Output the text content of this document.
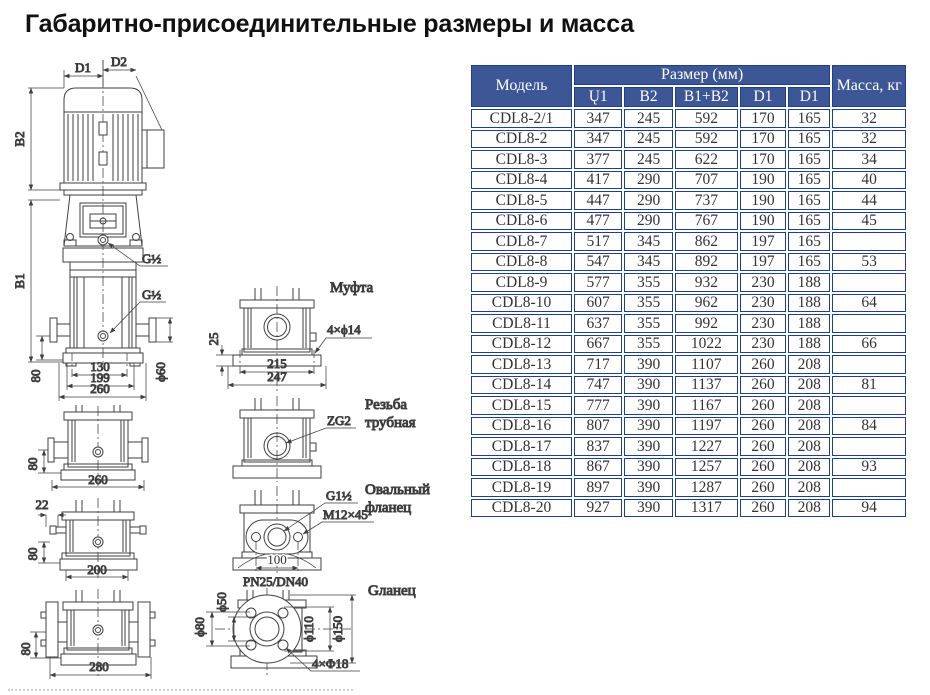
Габаритно-присоединительные размеры и масса
Модель	Размер (мм)					Масса, кг
	Ų1	B2	B1+B2	D1	D1	
CDL8-2/1	347	245	592	170	165	32
CDL8-2	347	245	592	170	165	32
CDL8-3	377	245	622	170	165	34
CDL8-4	417	290	707	190	165	40
CDL8-5	447	290	737	190	165	44
CDL8-6	477	290	767	190	165	45
CDL8-7	517	345	862	197	165	
CDL8-8	547	345	892	197	165	53
CDL8-9	577	355	932	230	188	
CDL8-10	607	355	962	230	188	64
CDL8-11	637	355	992	230	188	
CDL8-12	667	355	1022	230	188	66
CDL8-13	717	390	1107	260	208	
CDL8-14	747	390	1137	260	208	81
CDL8-15	777	390	1167	260	208	
CDL8-16	807	390	1197	260	208	84
CDL8-17	837	390	1227	260	208	
CDL8-18	867	390	1257	260	208	93
CDL8-19	897	390	1287	260	208	
CDL8-20	927	390	1317	260	208	94
D1 D2
B2
B1
G½
G½
ϕ60
80
130
199
260
80
260
22
80
200
80
280
25
4×ϕ14
215
247
Муфта
ZG2
Резьба
трубная
G1½
M12×45
100
PN25/DN40
Овальный
фланец
ϕ50
ϕ80	ϕ110 ϕ150
4×Φ18
Gланец
